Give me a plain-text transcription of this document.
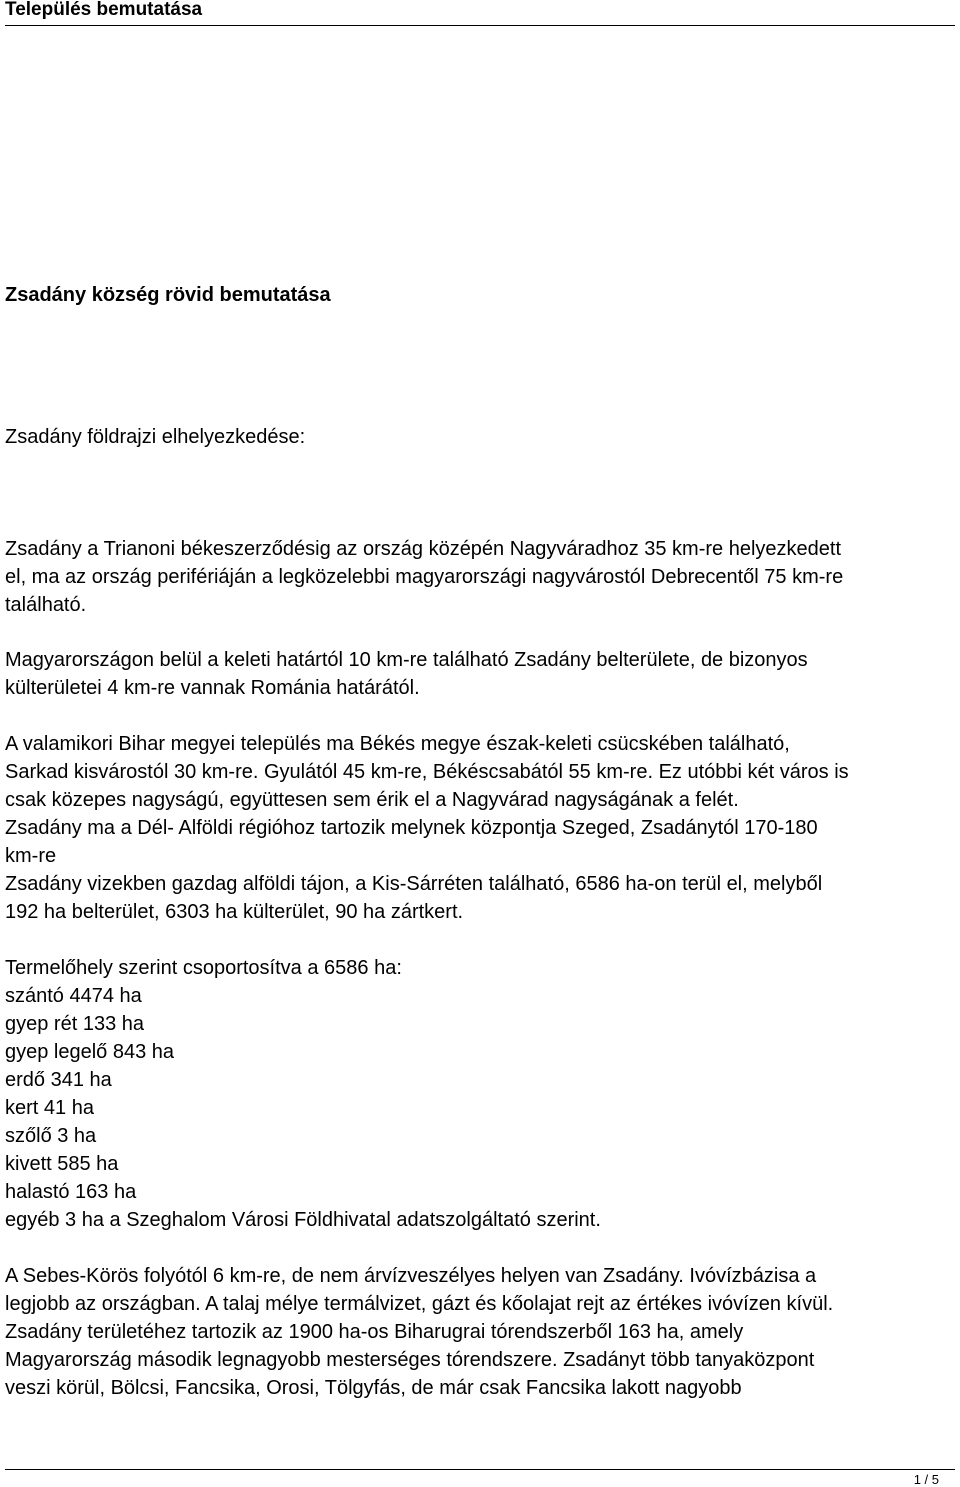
Település bemutatása
Zsadány község rövid bemutatása
Zsadány földrajzi elhelyezkedése:
Zsadány a Trianoni békeszerződésig az ország középén Nagyváradhoz 35 km-re helyezkedett
el, ma az ország perifériáján a legközelebbi magyarországi nagyvárostól Debrecentől 75 km-re
található.
Magyarországon belül a keleti határtól 10 km-re található Zsadány belterülete, de bizonyos
külterületei 4 km-re vannak Románia határától.
A valamikori Bihar megyei település ma Békés megye észak-keleti csücskében található,
Sarkad kisvárostól 30 km-re. Gyulától 45 km-re, Békéscsabától 55 km-re. Ez utóbbi két város is
csak közepes nagyságú, együttesen sem érik el a Nagyvárad nagyságának a felét.
Zsadány ma a Dél- Alföldi régióhoz tartozik melynek központja Szeged, Zsadánytól 170-180
km-re
Zsadány vizekben gazdag alföldi tájon, a Kis-Sárréten található, 6586 ha-on terül el, melyből
192 ha belterület, 6303 ha külterület, 90 ha zártkert.
Termelőhely szerint csoportosítva a 6586 ha:
szántó 4474 ha
gyep rét 133 ha
gyep legelő 843 ha
erdő 341 ha
kert 41 ha
szőlő 3 ha
kivett 585 ha
halastó 163 ha
egyéb 3 ha a Szeghalom Városi Földhivatal adatszolgáltató szerint.
A Sebes-Körös folyótól 6 km-re, de nem árvízveszélyes helyen van Zsadány. Ivóvízbázisa a
legjobb az országban. A talaj mélye termálvizet, gázt és kőolajat rejt az értékes ivóvízen kívül.
Zsadány területéhez tartozik az 1900 ha-os Biharugrai tórendszerből 163 ha, amely
Magyarország második legnagyobb mesterséges tórendszere. Zsadányt több tanyaközpont
veszi körül, Bölcsi, Fancsika, Orosi, Tölgyfás, de már csak Fancsika lakott nagyobb
1 / 5
